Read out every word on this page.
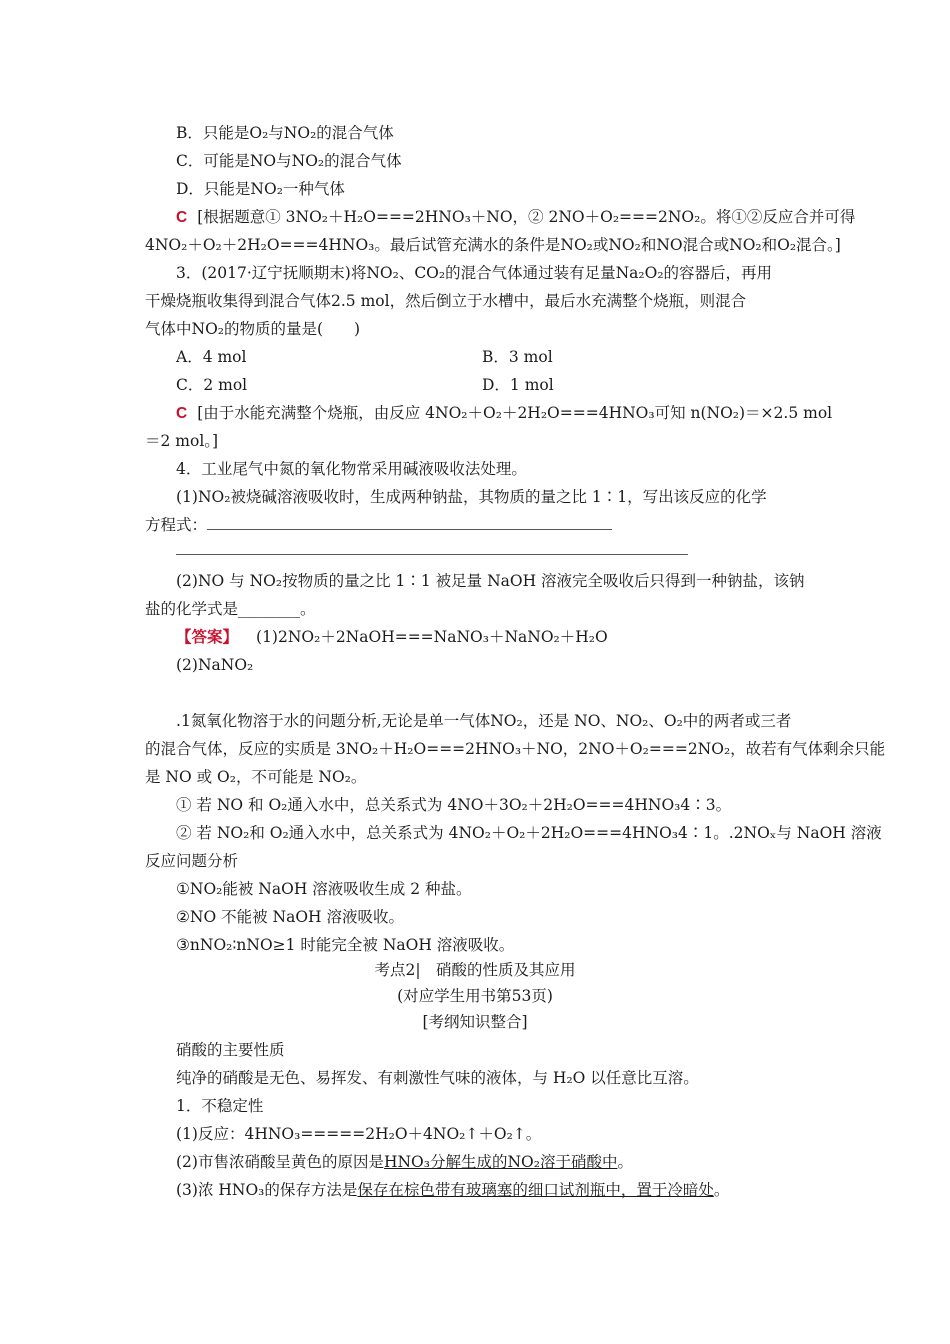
B．只能是O₂与NO₂的混合气体
C．可能是NO与NO₂的混合气体
D．只能是NO₂一种气体
C [根据题意① 3NO₂＋H₂O===2HNO₃＋NO，② 2NO＋O₂===2NO₂。将①②反应合并可得
4NO₂＋O₂＋2H₂O===4HNO₃。最后试管充满水的条件是NO₂或NO₂和NO混合或NO₂和O₂混合。]
3．(2017·辽宁抚顺期末)将NO₂、CO₂的混合气体通过装有足量Na₂O₂的容器后，再用
干燥烧瓶收集得到混合气体2.5 mol，然后倒立于水槽中，最后水充满整个烧瓶，则混合
气体中NO₂的物质的量是(　　)
A．4 mol	B．3 mol
C．2 mol	D．1 mol
C [由于水能充满整个烧瓶，由反应 4NO₂＋O₂＋2H₂O===4HNO₃可知 n(NO₂)＝×2.5 mol
＝2 mol。]
4．工业尾气中氮的氧化物常采用碱液吸收法处理。
(1)NO₂被烧碱溶液吸收时，生成两种钠盐，其物质的量之比 1∶1，写出该反应的化学
方程式：
(2)NO 与 NO₂按物质的量之比 1∶1 被足量 NaOH 溶液完全吸收后只得到一种钠盐，该钠
盐的化学式是________。
【答案】 (1)2NO₂＋2NaOH===NaNO₃＋NaNO₂＋H₂O
(2)NaNO₂
.1氮氧化物溶于水的问题分析,无论是单一气体NO₂，还是 NO、NO₂、O₂中的两者或三者
的混合气体，反应的实质是 3NO₂＋H₂O===2HNO₃＋NO，2NO＋O₂===2NO₂，故若有气体剩余只能
是 NO 或 O₂，不可能是 NO₂。
① 若 NO 和 O₂通入水中，总关系式为 4NO＋3O₂＋2H₂O===4HNO₃4∶3。
② 若 NO₂和 O₂通入水中，总关系式为 4NO₂＋O₂＋2H₂O===4HNO₃4∶1。.2NOₓ与 NaOH 溶液
反应问题分析
①NO₂能被 NaOH 溶液吸收生成 2 种盐。
②NO 不能被 NaOH 溶液吸收。
③nNO₂∶nNO≥1 时能完全被 NaOH 溶液吸收。
考点2|　硝酸的性质及其应用
(对应学生用书第53页)
[考纲知识整合]
硝酸的主要性质
纯净的硝酸是无色、易挥发、有刺激性气味的液体，与 H₂O 以任意比互溶。
1．不稳定性
(1)反应：4HNO₃=====2H₂O＋4NO₂↑＋O₂↑。
(2)市售浓硝酸呈黄色的原因是HNO₃分解生成的NO₂溶于硝酸中。
(3)浓 HNO₃的保存方法是保存在棕色带有玻璃塞的细口试剂瓶中，置于冷暗处。
